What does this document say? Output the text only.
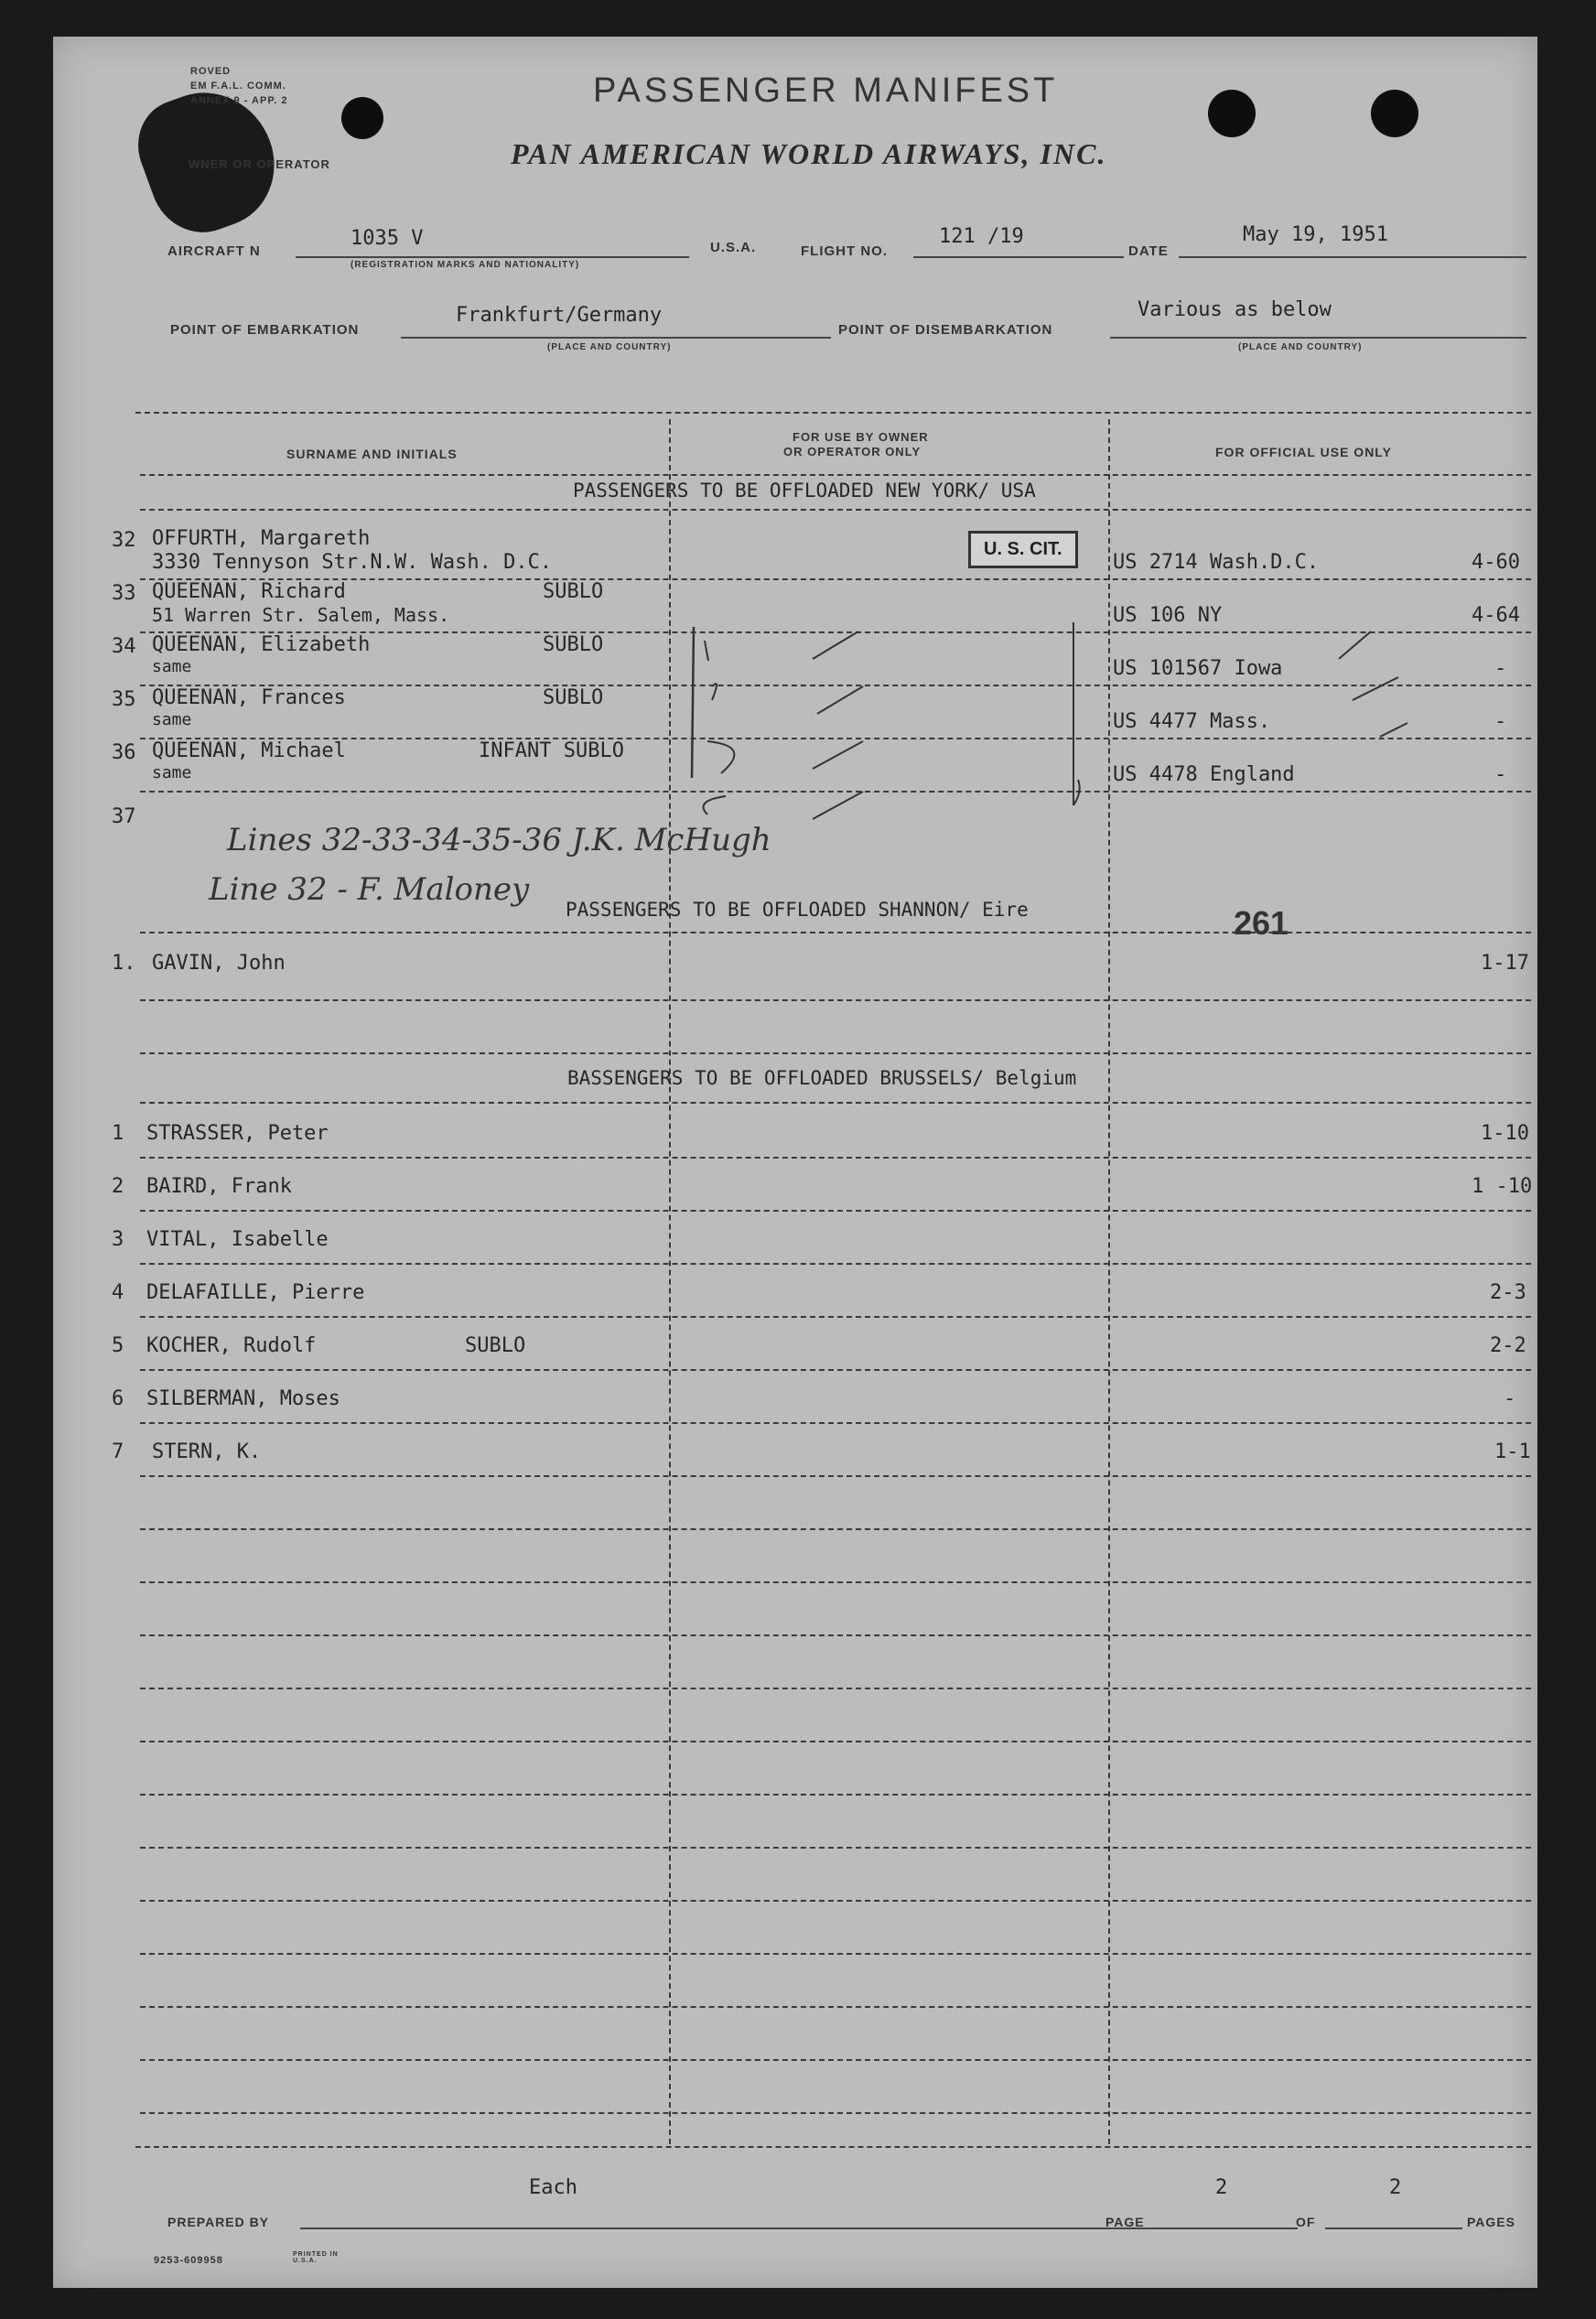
ROVED
EM F.A.L. COMM.
ANNEX 9 - APP. 2	PASSENGER MANIFEST
WNER OR OPERATOR	PAN AMERICAN WORLD AIRWAYS, INC.
AIRCRAFT N
1035 V
(REGISTRATION MARKS AND NATIONALITY)
U.S.A.	FLIGHT NO.
121 /19
DATE
May 19, 1951
POINT OF EMBARKATION
Frankfurt/Germany
(PLACE AND COUNTRY)
POINT OF DISEMBARKATION
Various as below
(PLACE AND COUNTRY)
SURNAME AND INITIALS
FOR USE BY OWNER
OR OPERATOR ONLY	FOR OFFICIAL USE ONLY
PASSENGERS TO BE OFFLOADED NEW YORK/ USA
32 OFFURTH, Margareth
3330 Tennyson Str.N.W. Wash. D.C.	US 2714 Wash.D.C.	4-60
33 QUEENAN, Richard	SUBLO
51 Warren Str. Salem, Mass.	US 106 NY	4-64
34 QUEENAN, Elizabeth	SUBLO
same	US 101567 Iowa	-
35 QUEENAN, Frances	SUBLO
same	US 4477 Mass.	-
36 QUEENAN, Michael	INFANT SUBLO
same	US 4478 England	-
37
U. S. CIT.
Lines 32-33-34-35-36 J.K. McHugh
Line 32 - F. Maloney
PASSENGERS TO BE OFFLOADED SHANNON/ Eire	261
1. GAVIN, John	1-17
BASSENGERS TO BE OFFLOADED BRUSSELS/ Belgium
1 STRASSER, Peter	1-10
2 BAIRD, Frank	1 -10
3 VITAL, Isabelle
4 DELAFAILLE, Pierre	2-3
5 KOCHER, Rudolf	SUBLO	2-2
6 SILBERMAN, Moses	-
7 STERN, K.	1-1
Each	2	2
PREPARED BY	PAGE	OF	PAGES
9253-609958
PRINTED IN U.S.A.
